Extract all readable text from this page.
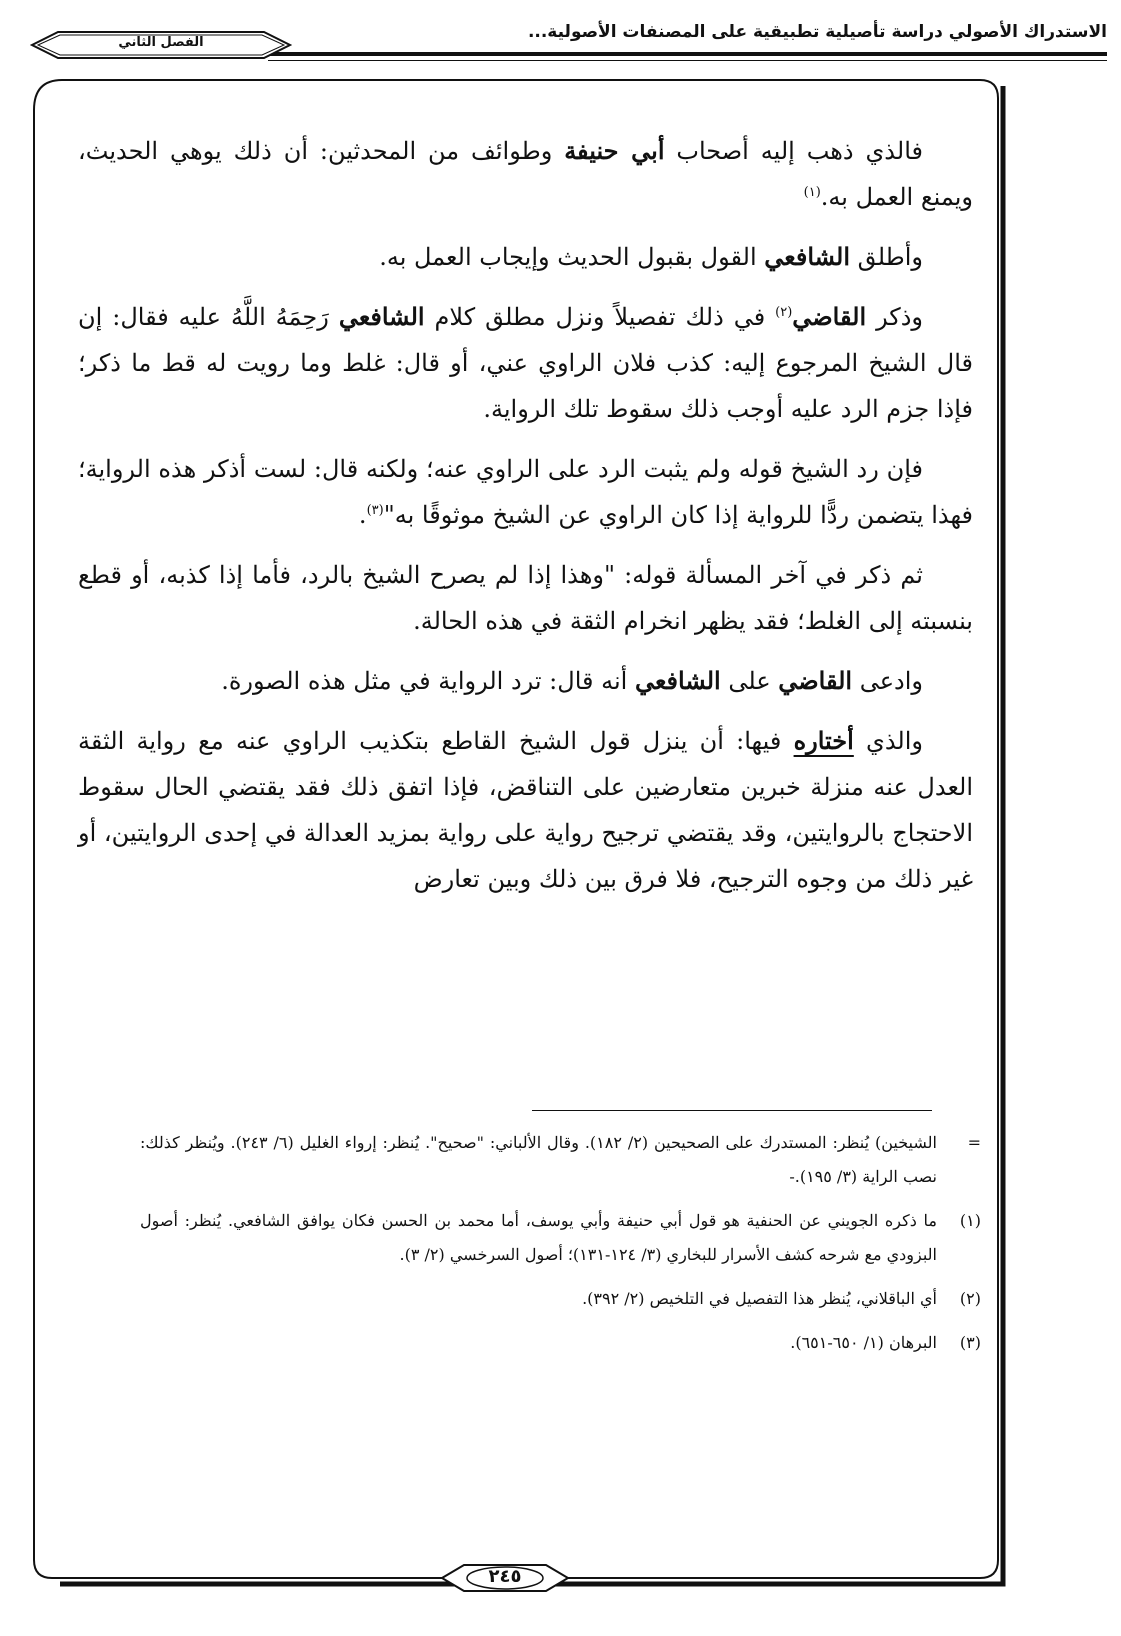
الاستدراك الأصولي دراسة تأصيلية تطبيقية على المصنفات الأصولية...
الفصل الثاني

فالذي ذهب إليه أصحاب أبي حنيفة وطوائف من المحدثين: أن ذلك يوهي الحديث، ويمنع العمل به.$^{(١)}$

وأطلق الشافعي القول بقبول الحديث وإيجاب العمل به.

وذكر القاضي$^{(٢)}$ في ذلك تفصيلاً ونزل مطلق كلام الشافعي رَحِمَهُ اللَّهُ عليه فقال: إن قال الشيخ المرجوع إليه: كذب فلان الراوي عني، أو قال: غلط وما رويت له قط ما ذكر؛ فإذا جزم الرد عليه أوجب ذلك سقوط تلك الرواية.

فإن رد الشيخ قوله ولم يثبت الرد على الراوي عنه؛ ولكنه قال: لست أذكر هذه الرواية؛ فهذا يتضمن ردًّا للرواية إذا كان الراوي عن الشيخ موثوقًا به"$^{(٣)}$.

ثم ذكر في آخر المسألة قوله: "وهذا إذا لم يصرح الشيخ بالرد، فأما إذا كذبه، أو قطع بنسبته إلى الغلط؛ فقد يظهر انخرام الثقة في هذه الحالة.

وادعى القاضي على الشافعي أنه قال: ترد الرواية في مثل هذه الصورة.

والذي أختاره فيها: أن ينزل قول الشيخ القاطع بتكذيب الراوي عنه مع رواية الثقة العدل عنه منزلة خبرين متعارضين على التناقض، فإذا اتفق ذلك فقد يقتضي الحال سقوط الاحتجاج بالروايتين، وقد يقتضي ترجيح رواية على رواية بمزيد العدالة في إحدى الروايتين، أو غير ذلك من وجوه الترجيح، فلا فرق بين ذلك وبين تعارض

=
الشيخين) يُنظر: المستدرك على الصحيحين (٢/ ١٨٢). وقال الألباني: "صحيح". يُنظر: إرواء الغليل (٦/ ٢٤٣). ويُنظر كذلك: نصب الراية (٣/ ١٩٥).-
(١)
ما ذكره الجويني عن الحنفية هو قول أبي حنيفة وأبي يوسف، أما محمد بن الحسن فكان يوافق الشافعي. يُنظر: أصول البزودي مع شرحه كشف الأسرار للبخاري (٣/ ١٢٤-١٣١)؛ أصول السرخسي (٢/ ٣).
(٢)
أي الباقلاني، يُنظر هذا التفصيل في التلخيص (٢/ ٣٩٢).
(٣)
البرهان (١/ ٦٥٠-٦٥١).
٢٤٥
